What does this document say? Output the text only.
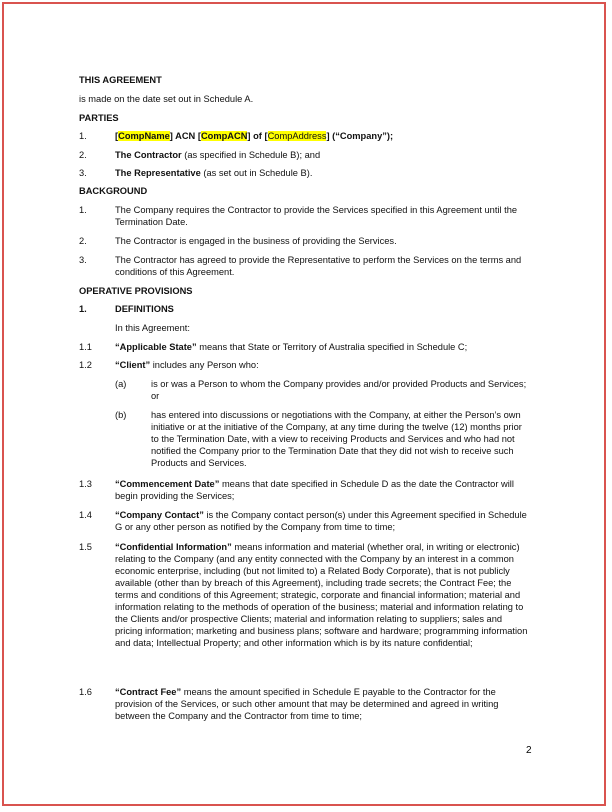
THIS AGREEMENT
is made on the date set out in Schedule A.
PARTIES
1.	[CompName] ACN [CompACN] of [CompAddress] (“Company”);
2.	The Contractor (as specified in Schedule B); and
3.	The Representative (as set out in Schedule B).
BACKGROUND
1.	The Company requires the Contractor to provide the Services specified in this Agreement until the Termination Date.
2.	The Contractor is engaged in the business of providing the Services.
3.	The Contractor has agreed to provide the Representative to perform the Services on the terms and conditions of this Agreement.
OPERATIVE PROVISIONS
1.	DEFINITIONS
In this Agreement:
1.1 “Applicable State” means that State or Territory of Australia specified in Schedule C;
1.2 “Client” includes any Person who:
(a)	is or was a Person to whom the Company provides and/or provided Products and Services; or
(b)	has entered into discussions or negotiations with the Company, at either the Person’s own initiative or at the initiative of the Company, at any time during the twelve (12) months prior to the Termination Date, with a view to receiving Products and Services and who had not notified the Company prior to the Termination Date that they did not wish to receive such Products and Services.
1.3 “Commencement Date” means that date specified in Schedule D as the date the Contractor will begin providing the Services;
1.4 “Company Contact” is the Company contact person(s) under this Agreement specified in Schedule G or any other person as notified by the Company from time to time;
1.5 “Confidential Information” means information and material (whether oral, in writing or electronic) relating to the Company (and any entity connected with the Company by an interest in a common economic enterprise, including (but not limited to) a Related Body Corporate), that is not publicly available (other than by breach of this Agreement), including trade secrets; the Contract Fee; the terms and conditions of this Agreement; strategic, corporate and financial information; material and information relating to the methods of operation of the business; material and information relating to the Clients and/or prospective Clients; material and information relating to suppliers; sales and pricing information; marketing and business plans; software and hardware; programming information and data; Intellectual Property; and other information which is by its nature confidential;
1.6 “Contract Fee” means the amount specified in Schedule E payable to the Contractor for the provision of the Services, or such other amount that may be determined and agreed in writing between the Company and the Contractor from time to time;
2
